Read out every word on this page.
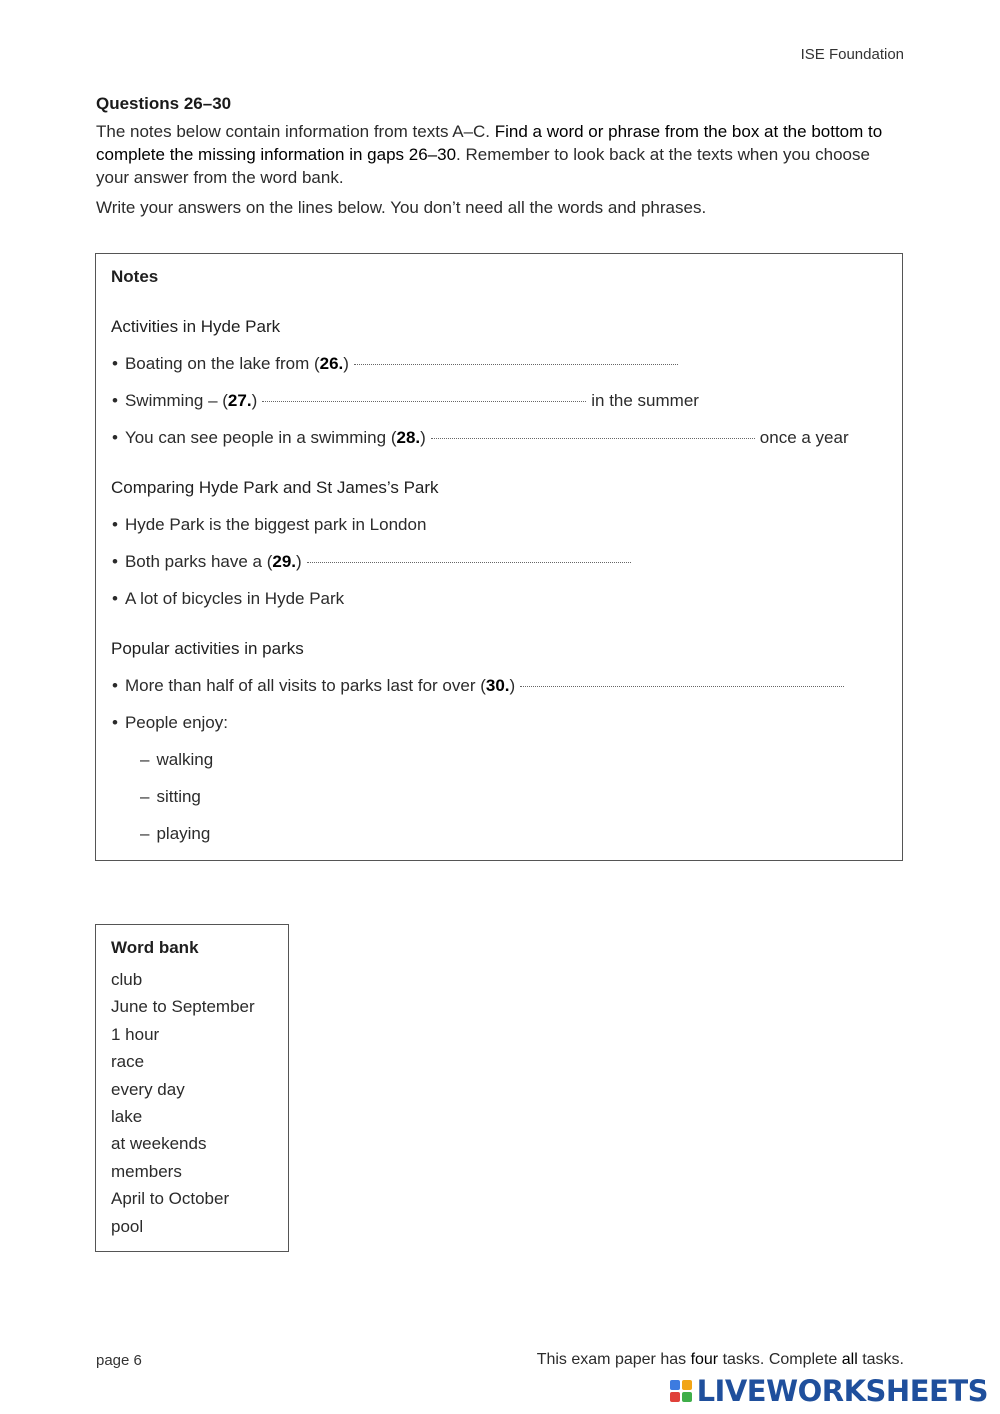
ISE Foundation
Questions 26–30
The notes below contain information from texts A–C. Find a word or phrase from the box at the bottom to complete the missing information in gaps 26–30. Remember to look back at the texts when you choose your answer from the word bank.
Write your answers on the lines below. You don’t need all the words and phrases.
Notes
Activities in Hyde Park
• Boating on the lake from ( 26. )
• Swimming – ( 27. )	in the summer
• You can see people in a swimming ( 28. )	once a year
Comparing Hyde Park and St James’s Park
• Hyde Park is the biggest park in London
• Both parks have a ( 29. )
• A lot of bicycles in Hyde Park
Popular activities in parks
• More than half of all visits to parks last for over ( 30. )
• People enjoy:
– walking
– sitting
– playing
Word bank
club
June to September
1 hour
race
every day
lake
at weekends
members
April to October
pool
page 6	This exam paper has four tasks. Complete all tasks.
LIVEWORKSHEETS
